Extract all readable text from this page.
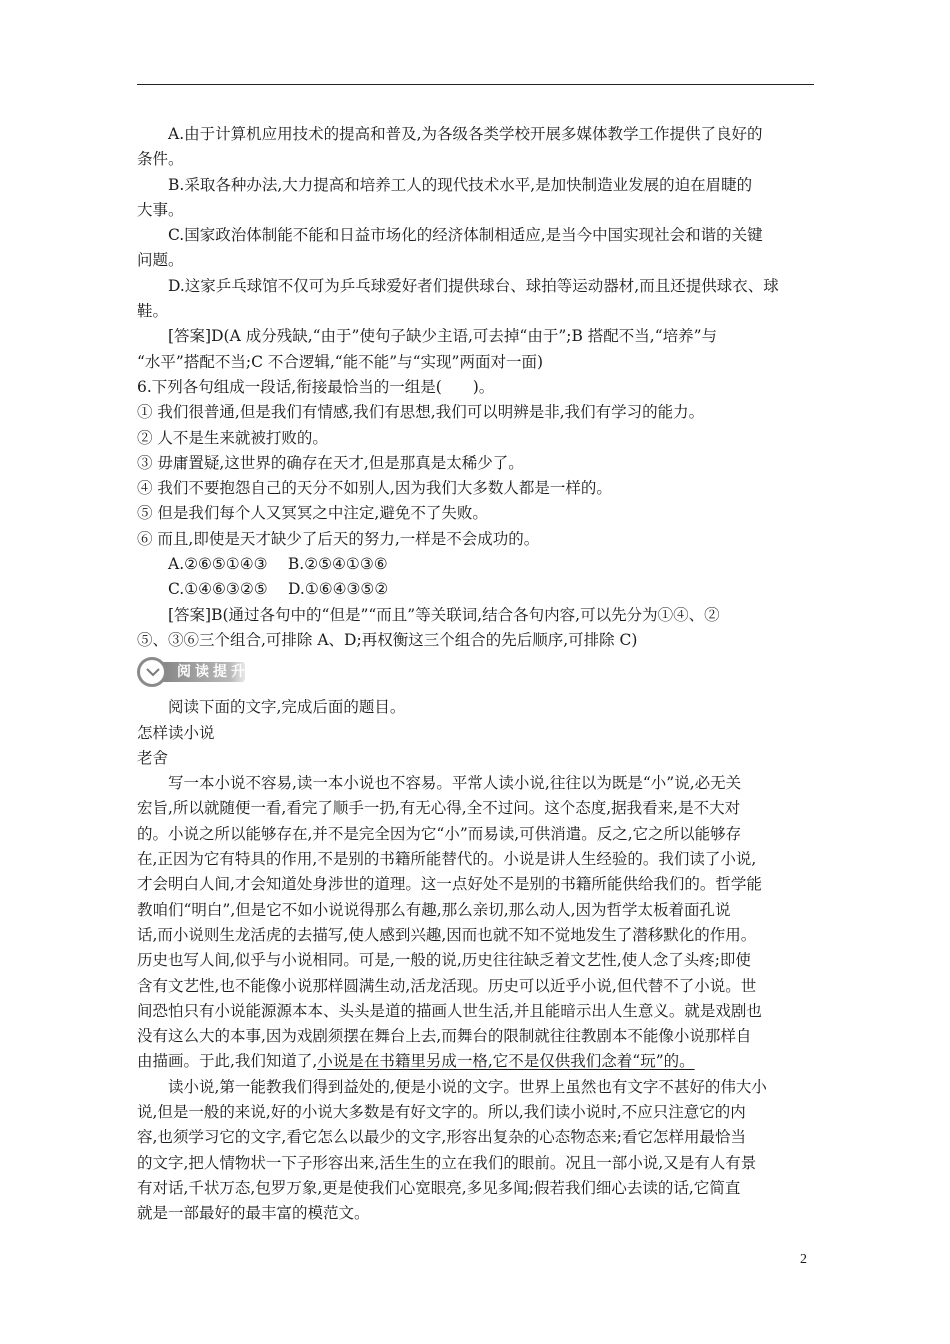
A.由于计算机应用技术的提高和普及,为各级各类学校开展多媒体教学工作提供了良好的

条件。

B.采取各种办法,大力提高和培养工人的现代技术水平,是加快制造业发展的迫在眉睫的

大事。

C.国家政治体制能不能和日益市场化的经济体制相适应,是当今中国实现社会和谐的关键

问题。

D.这家乒乓球馆不仅可为乒乓球爱好者们提供球台、球拍等运动器材,而且还提供球衣、球

鞋。

[答案]D(A 成分残缺,“由于”使句子缺少主语,可去掉“由于”;B 搭配不当,“培养”与

“水平”搭配不当;C 不合逻辑,“能不能”与“实现”两面对一面)

6.下列各句组成一段话,衔接最恰当的一组是(　　)。

① 我们很普通,但是我们有情感,我们有思想,我们可以明辨是非,我们有学习的能力。

② 人不是生来就被打败的。

③ 毋庸置疑,这世界的确存在天才,但是那真是太稀少了。

④ 我们不要抱怨自己的天分不如别人,因为我们大多数人都是一样的。

⑤ 但是我们每个人又冥冥之中注定,避免不了失败。

⑥ 而且,即使是天才缺少了后天的努力,一样是不会成功的。

A.②⑥⑤①④③　 B.②⑤④①③⑥

C.①④⑥③②⑤　 D.①⑥④③⑤②

[答案]B(通过各句中的“但是”“而且”等关联词,结合各句内容,可以先分为①④、②

⑤、③⑥三个组合,可排除 A、D;再权衡这三个组合的先后顺序,可排除 C)

阅读提升

阅读下面的文字,完成后面的题目。

怎样读小说

老舍

写一本小说不容易,读一本小说也不容易。平常人读小说,往往以为既是“小”说,必无关

宏旨,所以就随便一看,看完了顺手一扔,有无心得,全不过问。这个态度,据我看来,是不大对

的。小说之所以能够存在,并不是完全因为它“小”而易读,可供消遣。反之,它之所以能够存

在,正因为它有特具的作用,不是别的书籍所能替代的。小说是讲人生经验的。我们读了小说,

才会明白人间,才会知道处身涉世的道理。这一点好处不是别的书籍所能供给我们的。哲学能

教咱们“明白”,但是它不如小说说得那么有趣,那么亲切,那么动人,因为哲学太板着面孔说

话,而小说则生龙活虎的去描写,使人感到兴趣,因而也就不知不觉地发生了潜移默化的作用。

历史也写人间,似乎与小说相同。可是,一般的说,历史往往缺乏着文艺性,使人念了头疼;即使

含有文艺性,也不能像小说那样圆满生动,活龙活现。历史可以近乎小说,但代替不了小说。世

间恐怕只有小说能源源本本、头头是道的描画人世生活,并且能暗示出人生意义。就是戏剧也

没有这么大的本事,因为戏剧须摆在舞台上去,而舞台的限制就往往教剧本不能像小说那样自

由描画。于此,我们知道了,小说是在书籍里另成一格,它不是仅供我们念着“玩”的。

读小说,第一能教我们得到益处的,便是小说的文字。世界上虽然也有文字不甚好的伟大小

说,但是一般的来说,好的小说大多数是有好文字的。所以,我们读小说时,不应只注意它的内

容,也须学习它的文字,看它怎么以最少的文字,形容出复杂的心态物态来;看它怎样用最恰当

的文字,把人情物状一下子形容出来,活生生的立在我们的眼前。况且一部小说,又是有人有景

有对话,千状万态,包罗万象,更是使我们心宽眼亮,多见多闻;假若我们细心去读的话,它简直

就是一部最好的最丰富的模范文。

2
